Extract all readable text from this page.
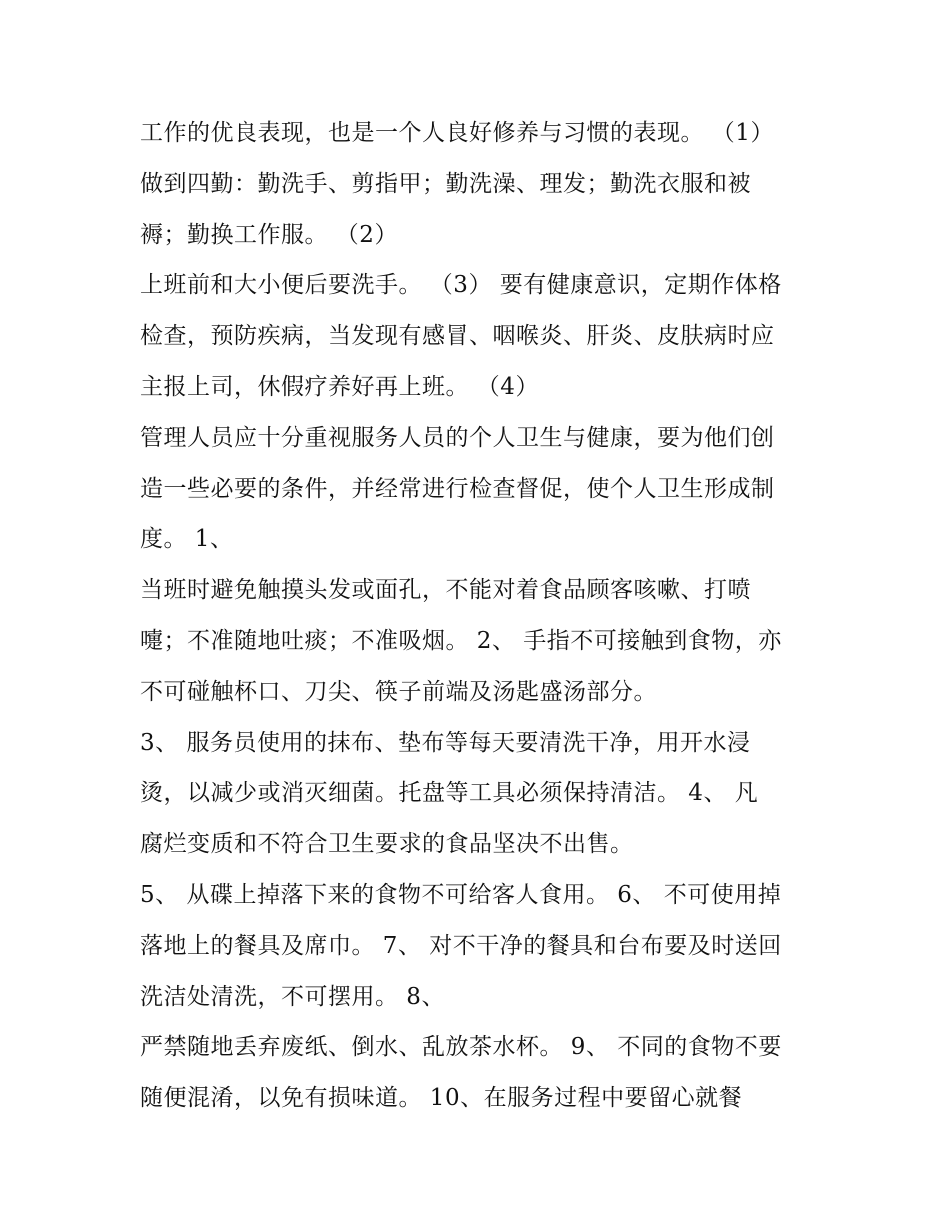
工作的优良表现，也是一个人良好修养与习惯的表现。 （1）
做到四勤：勤洗手、剪指甲；勤洗澡、理发；勤洗衣服和被
褥；勤换工作服。 （2）
上班前和大小便后要洗手。 （3） 要有健康意识，定期作体格
检查，预防疾病，当发现有感冒、咽喉炎、肝炎、皮肤病时应
主报上司，休假疗养好再上班。 （4）
管理人员应十分重视服务人员的个人卫生与健康，要为他们创
造一些必要的条件，并经常进行检查督促，使个人卫生形成制
度。 1、
当班时避免触摸头发或面孔，不能对着食品顾客咳嗽、打喷
嚏；不准随地吐痰；不准吸烟。 2、 手指不可接触到食物，亦
不可碰触杯口、刀尖、筷子前端及汤匙盛汤部分。
3、 服务员使用的抹布、垫布等每天要清洗干净，用开水浸
烫，以减少或消灭细菌。托盘等工具必须保持清洁。 4、 凡
腐烂变质和不符合卫生要求的食品坚决不出售。
5、 从碟上掉落下来的食物不可给客人食用。 6、 不可使用掉
落地上的餐具及席巾。 7、 对不干净的餐具和台布要及时送回
洗洁处清洗，不可摆用。 8、
严禁随地丢弃废纸、倒水、乱放茶水杯。 9、 不同的食物不要
随便混淆，以免有损味道。 10、在服务过程中要留心就餐
